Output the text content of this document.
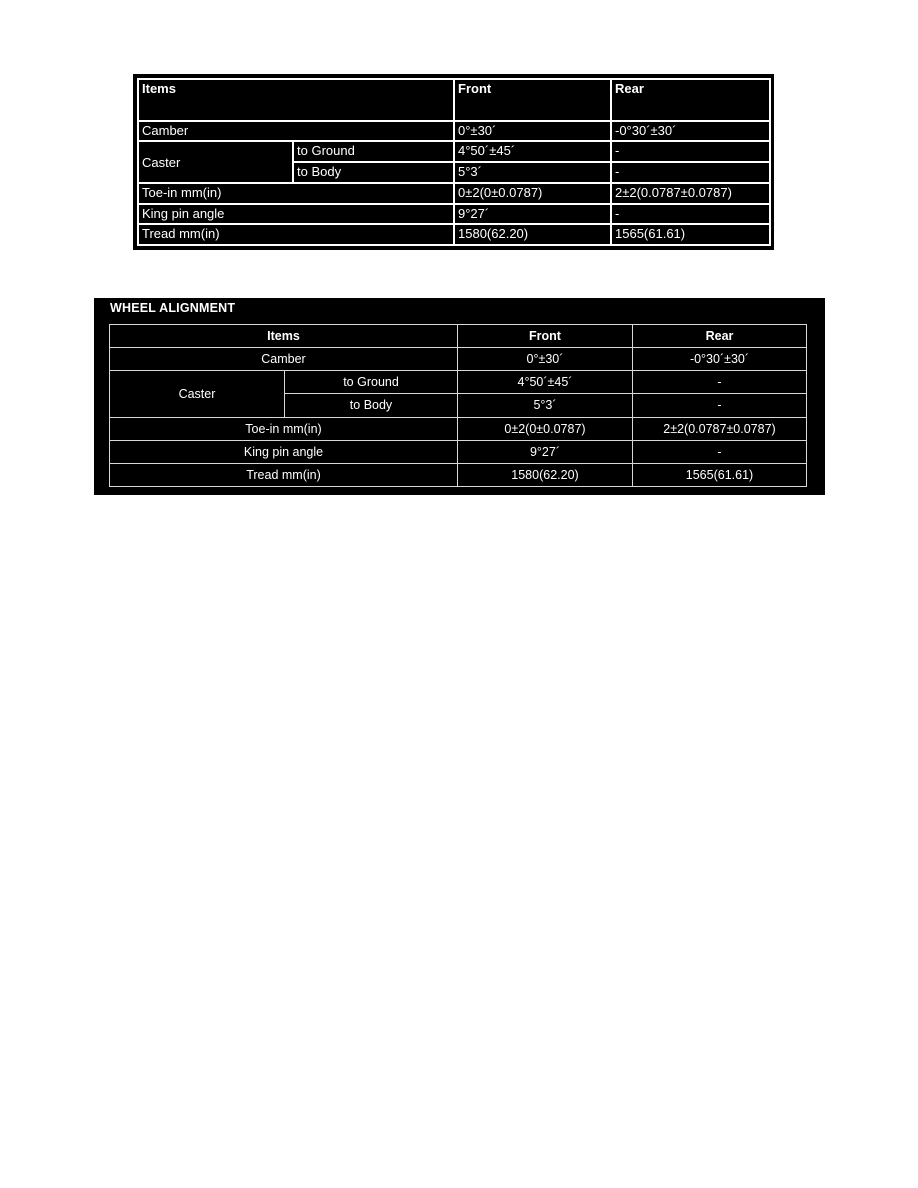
Items		Front	Rear
Camber		0°±30´	-0°30´±30´
Caster	to Ground	4°50´±45´	-
	to Body	5°3´	-
Toe-in mm(in)		0±2(0±0.0787)	2±2(0.0787±0.0787)
King pin angle		9°27´	-
Tread mm(in)		1580(62.20)	1565(61.61)
WHEEL ALIGNMENT
Items		Front	Rear
Camber		0°±30´	-0°30´±30´
Caster	to Ground	4°50´±45´	-
	to Body	5°3´	-
Toe-in mm(in)		0±2(0±0.0787)	2±2(0.0787±0.0787)
King pin angle		9°27´	-
Tread mm(in)		1580(62.20)	1565(61.61)
